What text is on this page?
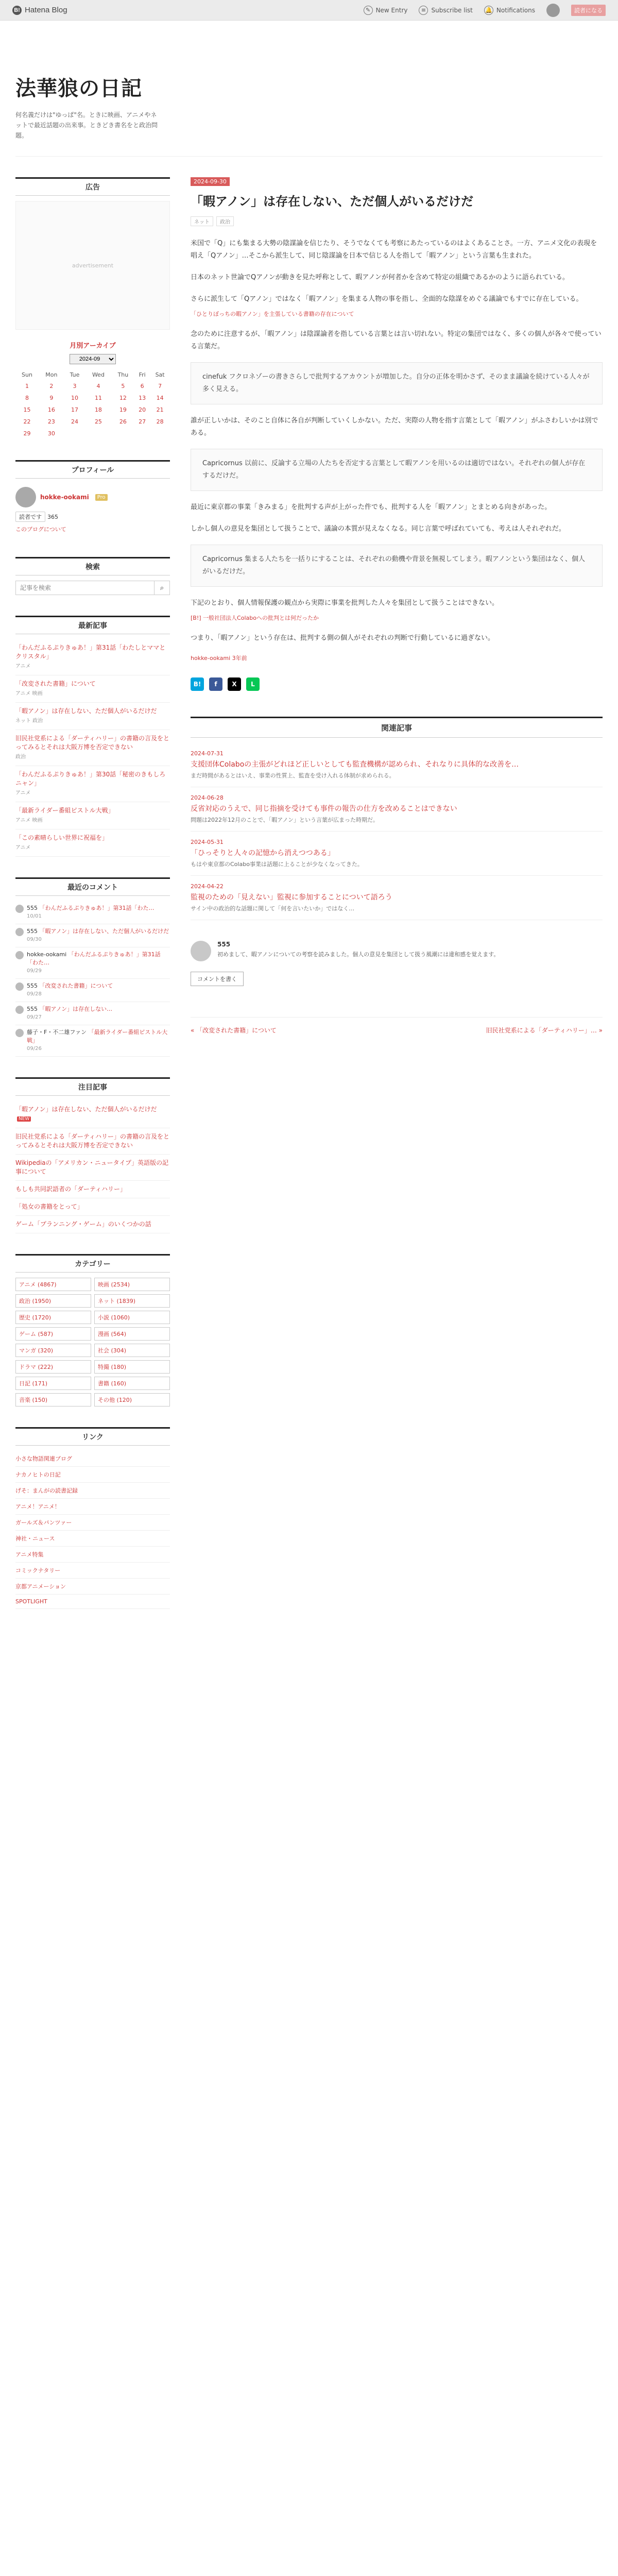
B! Hatena Blog	✎ New Entry	≡ Subscribe list 🔔 Notifications	読者になる
法華狼の日記
何名義だけは"ゆっぱ"名。ときに映画、アニメやネットで最近話題の出来事。ときどき書名をと政治問題。
広告
advertisement
月別アーカイブ
2024-09
Sun	Mon	Tue	Wed	Thu	Fri	Sat
1	2	3	4	5	6	7
8	9	10	11	12	13	14
15	16	17	18	19	20	21
22	23	24	25	26	27	28
29	30					
プロフィール
hokke-ookami	Pro
読者です	365
このブログについて
検索
記事を検索
⌕
最新記事
「わんだふるぷりきゅあ！」第31話「わたしとママとクリスタル」
アニメ
「改変された書籍」について
アニメ 映画
「暇アノン」は存在しない、ただ個人がいるだけだ
ネット 政治
旧民社党系による「ダーティハリー」の書籍の言及をとってみるとそれは大阪万博を否定できない
政治
「わんだふるぷりきゅあ！」第30話「秘密のきもしろニャン」
アニメ
「最新ライダー番組ピストル大戦」
アニメ 映画
「この素晴らしい世界に祝福を」
アニメ
最近のコメント
555 「わんだふるぷりきゅあ！」第31話「わた…
10/01
555 「暇アノン」は存在しない、ただ個人がいるだけだ
09/30
hokke-ookami 「わんだふるぷりきゅあ！」第31話「わた…
09/29
555 「改変された書籍」について
09/28
555 「暇アノン」は存在しない…
09/27
藤子・F・不二雄ファン 「最新ライダー番組ピストル大戦」
09/26
注目記事
「暇アノン」は存在しない、ただ個人がいるだけだNEW
旧民社党系による「ダーティハリー」の書籍の言及をとってみるとそれは大阪万博を否定できない
Wikipediaの「アメリカン・ニュータイプ」英語版の記事について
もしも共同訳語者の「ダーティハリー」
「処女の書籍をとって」
ゲーム「プランニング・ゲーム」のいくつかの話
カテゴリー
アニメ (4867)	映画 (2534)
政治 (1950)	ネット (1839)
歴史 (1720)	小説 (1060)
ゲーム (587)	漫画 (564)
マンガ (320)	社会 (304)
ドラマ (222)	特撮 (180)
日記 (171)	書籍 (160)
音楽 (150)	その他 (120)
リンク
小さな物語関連ブログ
ナカノヒトの日記
げそ：まんがの読書記録
アニメ！アニメ！
ガールズ＆パンツァー
神社・ニュース
アニメ特集
コミックナタリー
京都アニメーション
SPOTLIGHT
2024-09-30
「暇アノン」は存在しない、ただ個人がいるだけだ
ネット	政治

米国で「Q」にも集まる大勢の陰謀論を信じたり、そうでなくても考察にあたっているのはよくあることさ。一方、アニメ文化の表現を唱え「Qアノン」…そこから派生して、同じ陰謀論を日本で信じる人を指して「暇アノン」という言葉も生まれた。

日本のネット世論でQアノンが動きを見た呼称として、暇アノンが何者かを含めて特定の組織であるかのように語られている。

さらに派生して「Qアノン」ではなく「暇アノン」を集まる人物の事を指し、全面的な陰謀をめぐる議論でもすでに存在している。

「ひとりぼっちの暇アノン」を主張している書籍の存在について

念のために注意するが、「暇アノン」は陰謀論者を指している言葉とは言い切れない。特定の集団ではなく、多くの個人が各々で使っている言葉だ。

cinefuk フクロネゾーの書きさらしで批判するアカウントが増加した。自分の正体を明かさず、そのまま議論を続けている人々が多く見える。

誰が正しいかは、そのこと自体に各自が判断していくしかない。ただ、実際の人物を指す言葉として「暇アノン」がふさわしいかは別である。

Capricornus 以前に、反論する立場の人たちを否定する言葉として暇アノンを用いるのは適切ではない。それぞれの個人が存在するだけだ。

最近に東京都の事業「きみまる」を批判する声が上がった件でも、批判する人を「暇アノン」とまとめる向きがあった。

しかし個人の意見を集団として扱うことで、議論の本質が見えなくなる。同じ言葉で呼ばれていても、考えは人それぞれだ。

Capricornus 集まる人たちを一括りにすることは、それぞれの動機や背景を無視してしまう。暇アノンという集団はなく、個人がいるだけだ。

下記のとおり、個人情報保護の観点から実際に事業を批判した人々を集団として扱うことはできない。

[B!] 一般社団法人Colaboへの批判とは何だったか

つまり、「暇アノン」という存在は、批判する側の個人がそれぞれの判断で行動しているに過ぎない。

hokke-ookami 3年前
B! f X L
関連記事
2024-07-31
支援団体Colaboの主張がどれほど正しいとしても監査機構が認められ、それなりに具体的な改善を…
まだ時間があるとはいえ、事業の性質上、監査を受け入れる体制が求められる。
2024-06-28
反省対応のうえで、同じ指摘を受けても事件の報告の仕方を改めることはできない
問題は2022年12月のことで、「暇アノン」という言葉が広まった時期だ。
2024-05-31
「ひっそりと人々の記憶から消えつつある」
もはや東京都のColabo事業は話題に上ることが少なくなってきた。
2024-04-22
監視のための「見えない」監視に参加することについて語ろう
サイン中の政治的な話題に関して「何を言いたいか」ではなく…
555
初めまして、暇アノンについての考察を読みました。個人の意見を集団として扱う風潮には違和感を覚えます。
コメントを書く
« 「改変された書籍」について	旧民社党系による「ダーティハリー」… »
